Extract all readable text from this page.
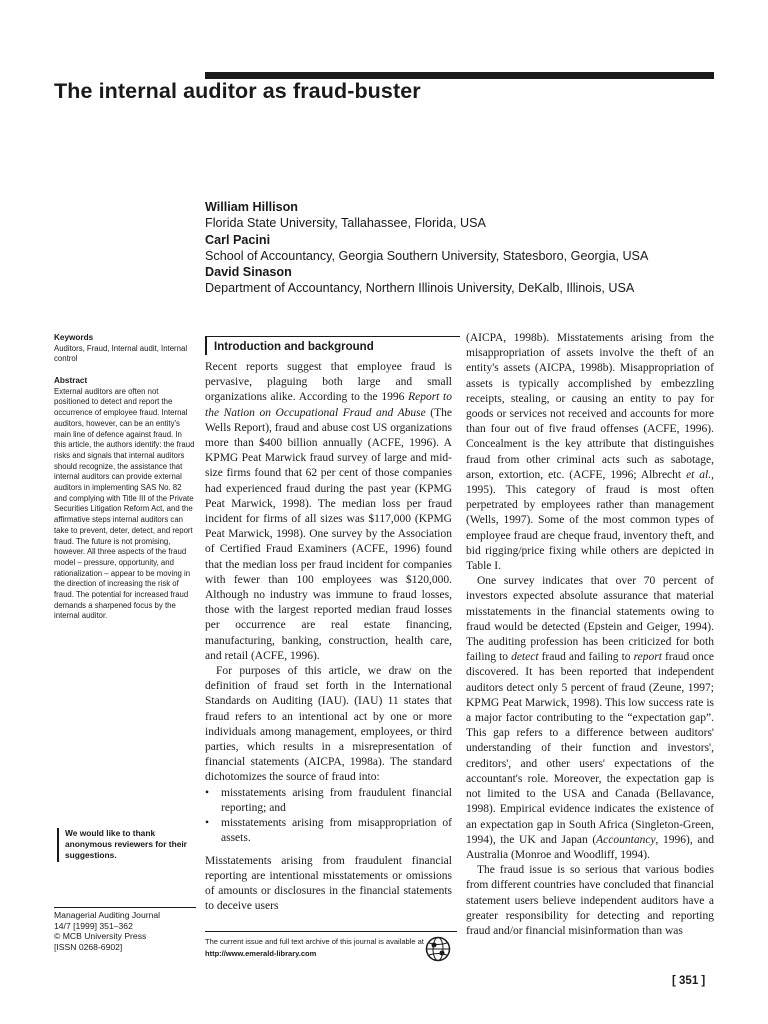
The internal auditor as fraud-buster
William Hillison
Florida State University, Tallahassee, Florida, USA
Carl Pacini
School of Accountancy, Georgia Southern University, Statesboro, Georgia, USA
David Sinason
Department of Accountancy, Northern Illinois University, DeKalb, Illinois, USA
Keywords
Auditors, Fraud, Internal audit, Internal control
Abstract
External auditors are often not positioned to detect and report the occurrence of employee fraud. Internal auditors, however, can be an entity's main line of defence against fraud. In this article, the authors identify: the fraud risks and signals that internal auditors should recognize, the assistance that internal auditors can provide external auditors in implementing SAS No. 82 and complying with Title III of the Private Securities Litigation Reform Act, and the affirmative steps internal auditors can take to prevent, deter, detect, and report fraud. The future is not promising, however. All three aspects of the fraud model – pressure, opportunity, and rationalization – appear to be moving in the direction of increasing the risk of fraud. The potential for increased fraud demands a sharpened focus by the internal auditor.
We would like to thank anonymous reviewers for their suggestions.
Managerial Auditing Journal
14/7 [1999] 351–362
© MCB University Press
[ISSN 0268-6902]
Introduction and background

Recent reports suggest that employee fraud is pervasive, plaguing both large and small organizations alike. According to the 1996 Report to the Nation on Occupational Fraud and Abuse (The Wells Report), fraud and abuse cost US organizations more than $400 billion annually (ACFE, 1996). A KPMG Peat Marwick fraud survey of large and mid-size firms found that 62 per cent of those companies had experienced fraud during the past year (KPMG Peat Marwick, 1998). The median loss per fraud incident for firms of all sizes was $117,000 (KPMG Peat Marwick, 1998). One survey by the Association of Certified Fraud Examiners (ACFE, 1996) found that the median loss per fraud incident for companies with fewer than 100 employees was $120,000. Although no industry was immune to fraud losses, those with the largest reported median fraud losses per occurrence are real estate financing, manufacturing, banking, construction, health care, and retail (ACFE, 1996).

For purposes of this article, we draw on the definition of fraud set forth in the International Standards on Auditing (IAU). (IAU) 11 states that fraud refers to an intentional act by one or more individuals among management, employees, or third parties, which results in a misrepresentation of financial statements (AICPA, 1998a). The standard dichotomizes the source of fraud into:

• misstatements arising from fraudulent financial reporting; and
• misstatements arising from misappropriation of assets.

Misstatements arising from fraudulent financial reporting are intentional misstatements or omissions of amounts or disclosures in the financial statements to deceive users

(AICPA, 1998b). Misstatements arising from the misappropriation of assets involve the theft of an entity's assets (AICPA, 1998b). Misappropriation of assets is typically accomplished by embezzling receipts, stealing, or causing an entity to pay for goods or services not received and accounts for more than four out of five fraud offenses (ACFE, 1996). Concealment is the key attribute that distinguishes fraud from other criminal acts such as sabotage, arson, extortion, etc. (ACFE, 1996; Albrecht et al., 1995). This category of fraud is most often perpetrated by employees rather than management (Wells, 1997). Some of the most common types of employee fraud are cheque fraud, inventory theft, and bid rigging/price fixing while others are depicted in Table I.

One survey indicates that over 70 percent of investors expected absolute assurance that material misstatements in the financial statements owing to fraud would be detected (Epstein and Geiger, 1994). The auditing profession has been criticized for both failing to detect fraud and failing to report fraud once discovered. It has been reported that independent auditors detect only 5 percent of fraud (Zeune, 1997; KPMG Peat Marwick, 1998). This low success rate is a major factor contributing to the “expectation gap”. This gap refers to a difference between auditors' understanding of their function and investors', creditors', and other users' expectations of the accountant's role. Moreover, the expectation gap is not limited to the USA and Canada (Bellavance, 1998). Empirical evidence indicates the existence of an expectation gap in South Africa (Singleton-Green, 1994), the UK and Japan (Accountancy, 1996), and Australia (Monroe and Woodliff, 1994).

The fraud issue is so serious that various bodies from different countries have concluded that financial statement users believe independent auditors have a greater responsibility for detecting and reporting fraud and/or financial misinformation than was

The current issue and full text archive of this journal is available at
http://www.emerald-library.com
[ 351 ]
